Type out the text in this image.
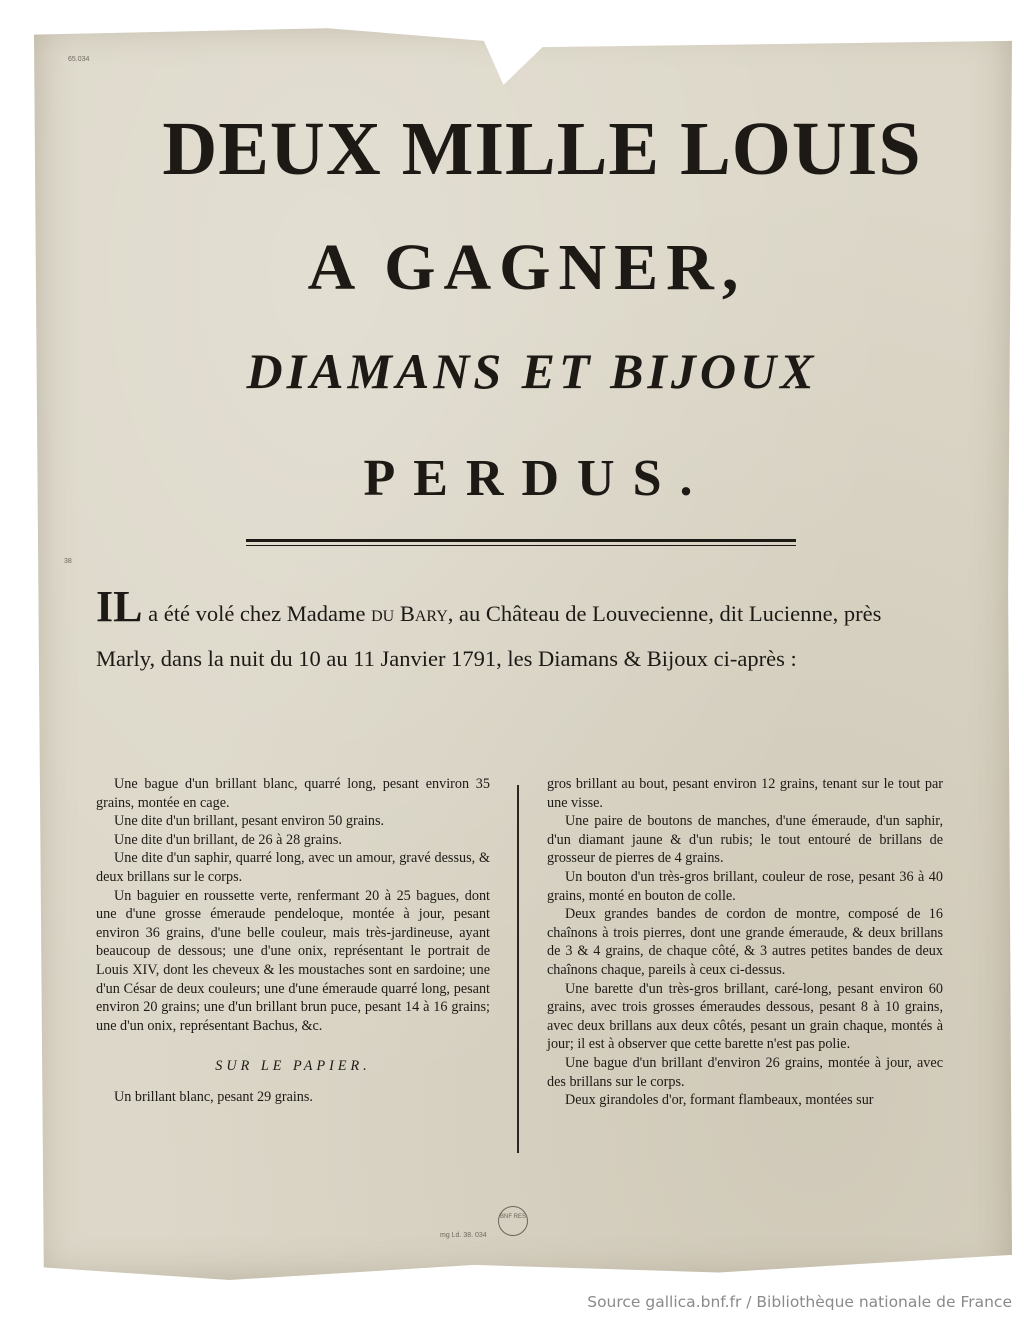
65.034
38
mg Ld. 38. 034
DEUX MILLE LOUIS
A GAGNER,
DIAMANS ET BIJOUX
PERDUS.

IL a été volé chez Madame du Bary, au Château de Louvecienne, dit Lucienne, près Marly, dans la nuit du 10 au 11 Janvier 1791, les Diamans & Bijoux ci-après :

Une bague d'un brillant blanc, quarré long, pesant environ 35 grains, montée en cage.

Une dite d'un brillant, pesant environ 50 grains.

Une dite d'un brillant, de 26 à 28 grains.

Une dite d'un saphir, quarré long, avec un amour, gravé dessus, & deux brillans sur le corps.

Un baguier en roussette verte, renfermant 20 à 25 bagues, dont une d'une grosse émeraude pendeloque, montée à jour, pesant environ 36 grains, d'une belle couleur, mais très-jardineuse, ayant beaucoup de dessous; une d'une onix, représentant le portrait de Louis XIV, dont les cheveux & les moustaches sont en sardoine; une d'un César de deux couleurs; une d'une émeraude quarré long, pesant environ 20 grains; une d'un brillant brun puce, pesant 14 à 16 grains; une d'un onix, représentant Bachus, &c.

SUR LE PAPIER.

Un brillant blanc, pesant 29 grains.

gros brillant au bout, pesant environ 12 grains, tenant sur le tout par une visse.

Une paire de boutons de manches, d'une émeraude, d'un saphir, d'un diamant jaune & d'un rubis; le tout entouré de brillans de grosseur de pierres de 4 grains.

Un bouton d'un très-gros brillant, couleur de rose, pesant 36 à 40 grains, monté en bouton de colle.

Deux grandes bandes de cordon de montre, composé de 16 chaînons à trois pierres, dont une grande émeraude, & deux brillans de 3 & 4 grains, de chaque côté, & 3 autres petites bandes de deux chaînons chaque, pareils à ceux ci-dessus.

Une barette d'un très-gros brillant, caré-long, pesant environ 60 grains, avec trois grosses émeraudes dessous, pesant 8 à 10 grains, avec deux brillans aux deux côtés, pesant un grain chaque, montés à jour; il est à observer que cette barette n'est pas polie.

Une bague d'un brillant d'environ 26 grains, montée à jour, avec des brillans sur le corps.

Deux girandoles d'or, formant flambeaux, montées sur

BNF RES
Source gallica.bnf.fr / Bibliothèque nationale de France
